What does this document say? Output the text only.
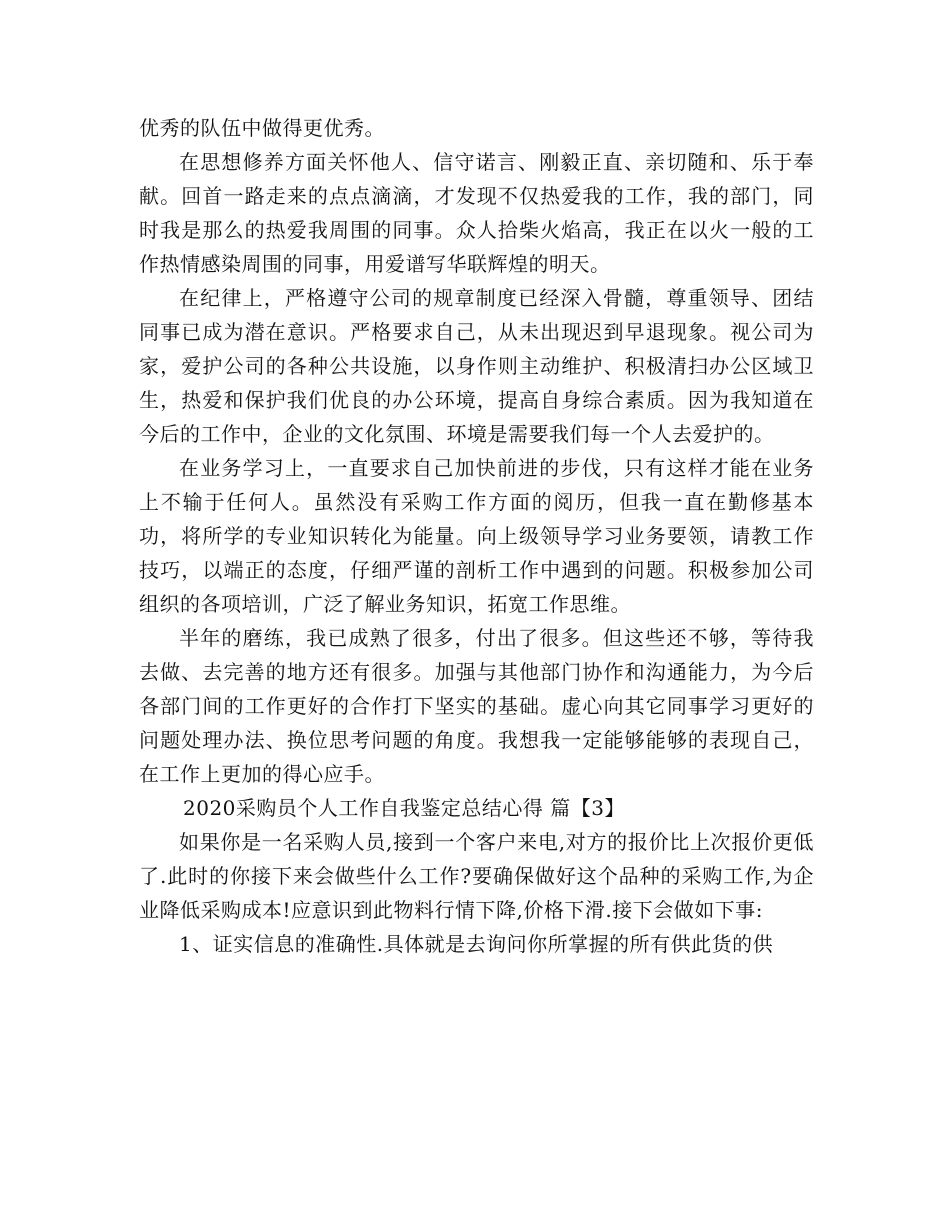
优秀的队伍中做得更优秀。

在思想修养方面关怀他人、信守诺言、刚毅正直、亲切随和、乐于奉献。回首一路走来的点点滴滴，才发现不仅热爱我的工作，我的部门，同时我是那么的热爱我周围的同事。众人拾柴火焰高，我正在以火一般的工作热情感染周围的同事，用爱谱写华联辉煌的明天。

在纪律上，严格遵守公司的规章制度已经深入骨髓，尊重领导、团结同事已成为潜在意识。严格要求自己，从未出现迟到早退现象。视公司为家，爱护公司的各种公共设施，以身作则主动维护、积极清扫办公区域卫生，热爱和保护我们优良的办公环境，提高自身综合素质。因为我知道在今后的工作中，企业的文化氛围、环境是需要我们每一个人去爱护的。

在业务学习上，一直要求自己加快前进的步伐，只有这样才能在业务上不输于任何人。虽然没有采购工作方面的阅历，但我一直在勤修基本功，将所学的专业知识转化为能量。向上级领导学习业务要领，请教工作技巧，以端正的态度，仔细严谨的剖析工作中遇到的问题。积极参加公司组织的各项培训，广泛了解业务知识，拓宽工作思维。

半年的磨练，我已成熟了很多，付出了很多。但这些还不够，等待我去做、去完善的地方还有很多。加强与其他部门协作和沟通能力，为今后各部门间的工作更好的合作打下坚实的基础。虚心向其它同事学习更好的问题处理办法、换位思考问题的角度。我想我一定能够能够的表现自己，在工作上更加的得心应手。

2020采购员个人工作自我鉴定总结心得 篇【3】

如果你是一名采购人员,接到一个客户来电,对方的报价比上次报价更低了.此时的你接下来会做些什么工作?要确保做好这个品种的采购工作,为企业降低采购成本!应意识到此物料行情下降,价格下滑.接下会做如下事:

1、证实信息的准确性.具体就是去询问你所掌握的所有供此货的供
